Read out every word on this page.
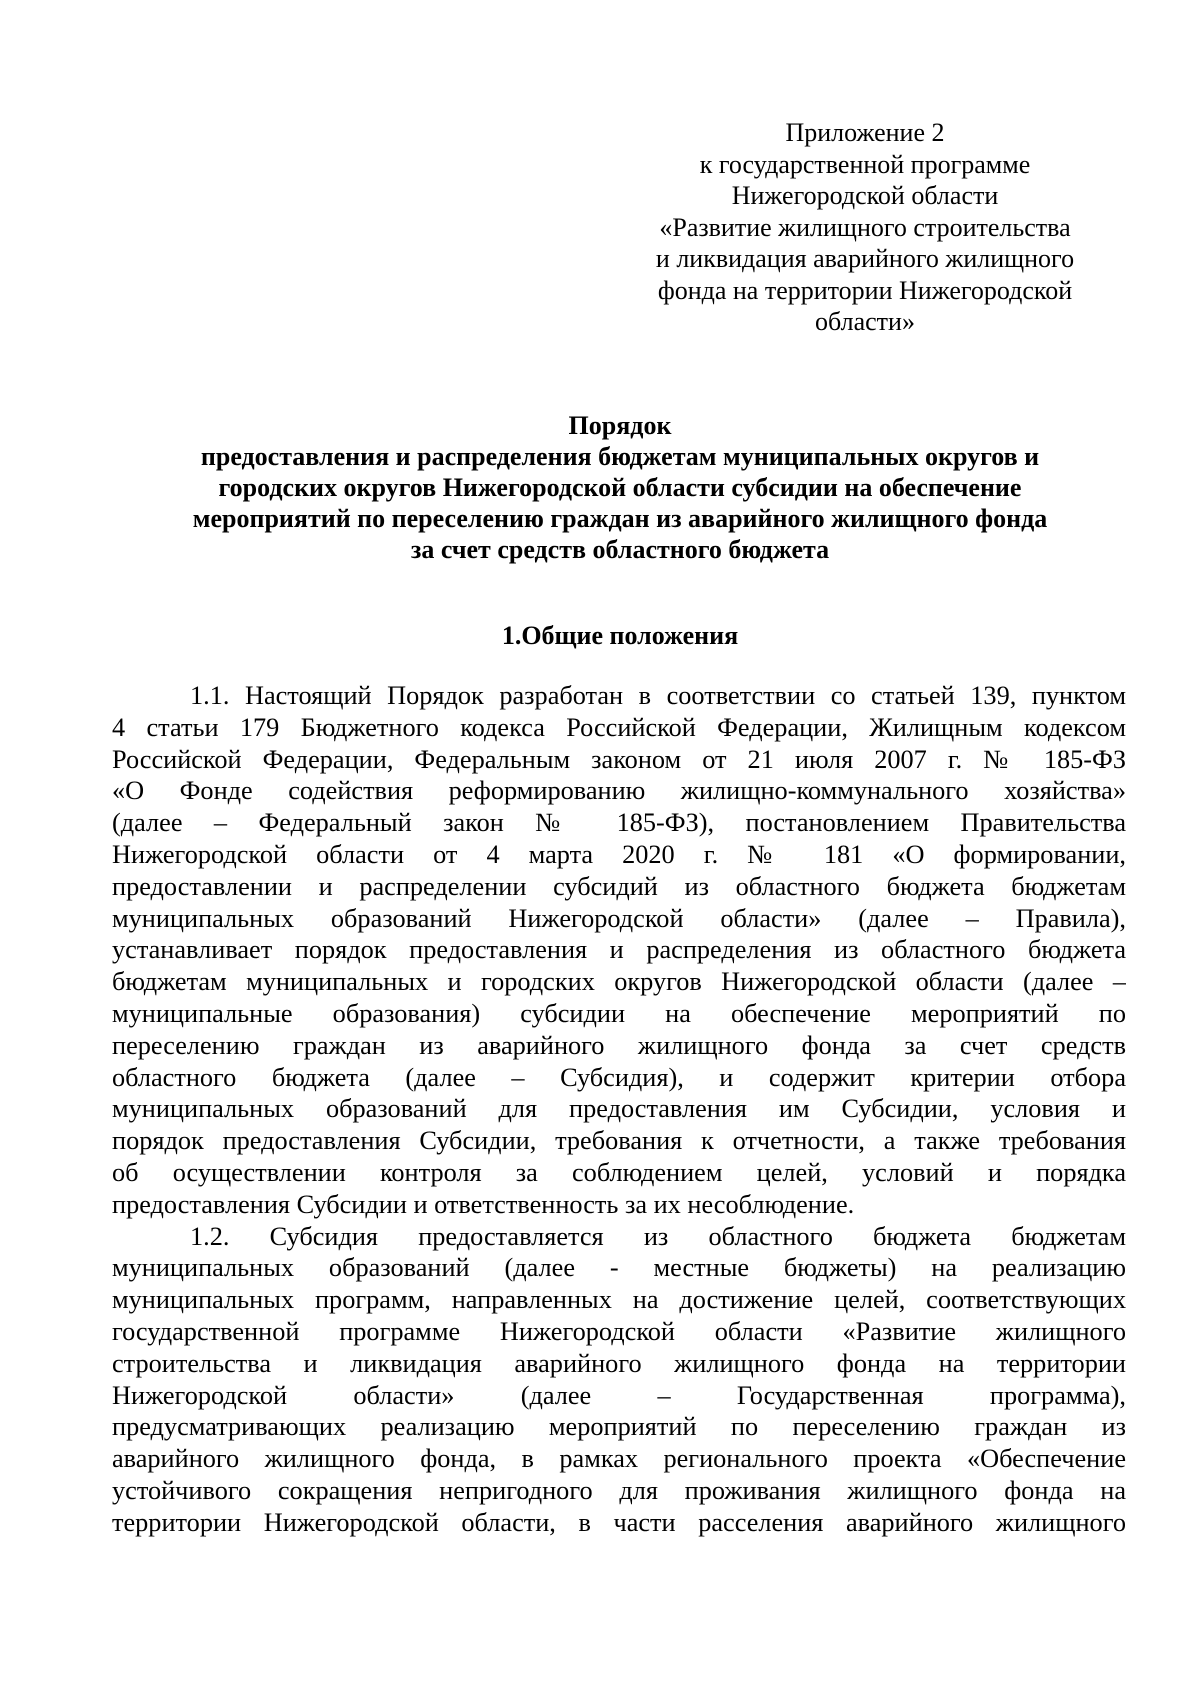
Приложение 2
к государственной программе
Нижегородской области
«Развитие жилищного строительства
и ликвидация аварийного жилищного
фонда на территории Нижегородской
области»
Порядок
предоставления и распределения бюджетам муниципальных округов и
городских округов Нижегородской области субсидии на обеспечение
мероприятий по переселению граждан из аварийного жилищного фонда
за счет средств областного бюджета
1.Общие положения
1.1. Настоящий Порядок разработан в соответствии со статьей 139, пунктом
4 статьи 179 Бюджетного кодекса Российской Федерации, Жилищным кодексом
Российской Федерации, Федеральным законом от 21 июля 2007 г. № 185-ФЗ
«О Фонде содействия реформированию жилищно-коммунального хозяйства»
(далее – Федеральный закон № 185-ФЗ), постановлением Правительства
Нижегородской области от 4 марта 2020 г. № 181 «О формировании,
предоставлении и распределении субсидий из областного бюджета бюджетам
муниципальных образований Нижегородской области» (далее – Правила),
устанавливает порядок предоставления и распределения из областного бюджета
бюджетам муниципальных и городских округов Нижегородской области (далее –
муниципальные образования) субсидии на обеспечение мероприятий по
переселению граждан из аварийного жилищного фонда за счет средств
областного бюджета (далее – Субсидия), и содержит критерии отбора
муниципальных образований для предоставления им Субсидии, условия и
порядок предоставления Субсидии, требования к отчетности, а также требования
об осуществлении контроля за соблюдением целей, условий и порядка
предоставления Субсидии и ответственность за их несоблюдение.
1.2. Субсидия предоставляется из областного бюджета бюджетам
муниципальных образований (далее - местные бюджеты) на реализацию
муниципальных программ, направленных на достижение целей, соответствующих
государственной программе Нижегородской области «Развитие жилищного
строительства и ликвидация аварийного жилищного фонда на территории
Нижегородской области» (далее – Государственная программа),
предусматривающих реализацию мероприятий по переселению граждан из
аварийного жилищного фонда, в рамках регионального проекта «Обеспечение
устойчивого сокращения непригодного для проживания жилищного фонда на
территории Нижегородской области, в части расселения аварийного жилищного
